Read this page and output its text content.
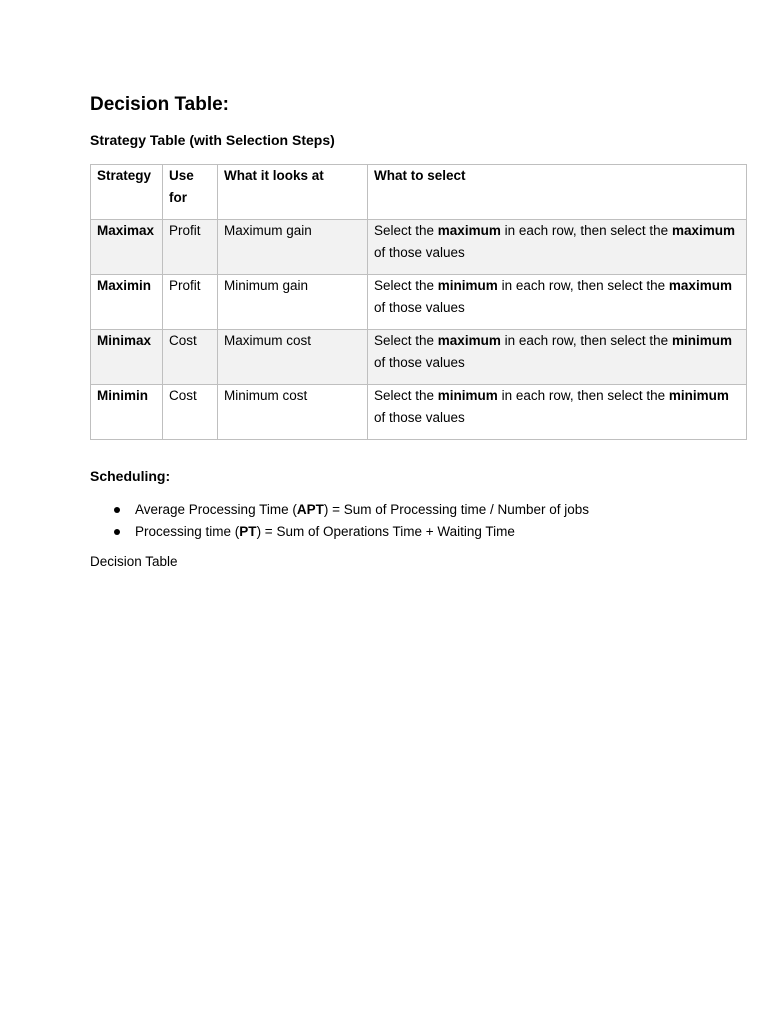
Decision Table:

Strategy Table (with Selection Steps)

Strategy	Use for	What it looks at	What to select
Maximax	Profit	Maximum gain	Select the maximum in each row, then select the maximum of those values
Maximin	Profit	Minimum gain	Select the minimum in each row, then select the maximum of those values
Minimax	Cost	Maximum cost	Select the maximum in each row, then select the minimum of those values
Minimin	Cost	Minimum cost	Select the minimum in each row, then select the minimum of those values

Scheduling:

Average Processing Time (APT) = Sum of Processing time / Number of jobs
Processing time (PT) = Sum of Operations Time + Waiting Time

Decision Table
